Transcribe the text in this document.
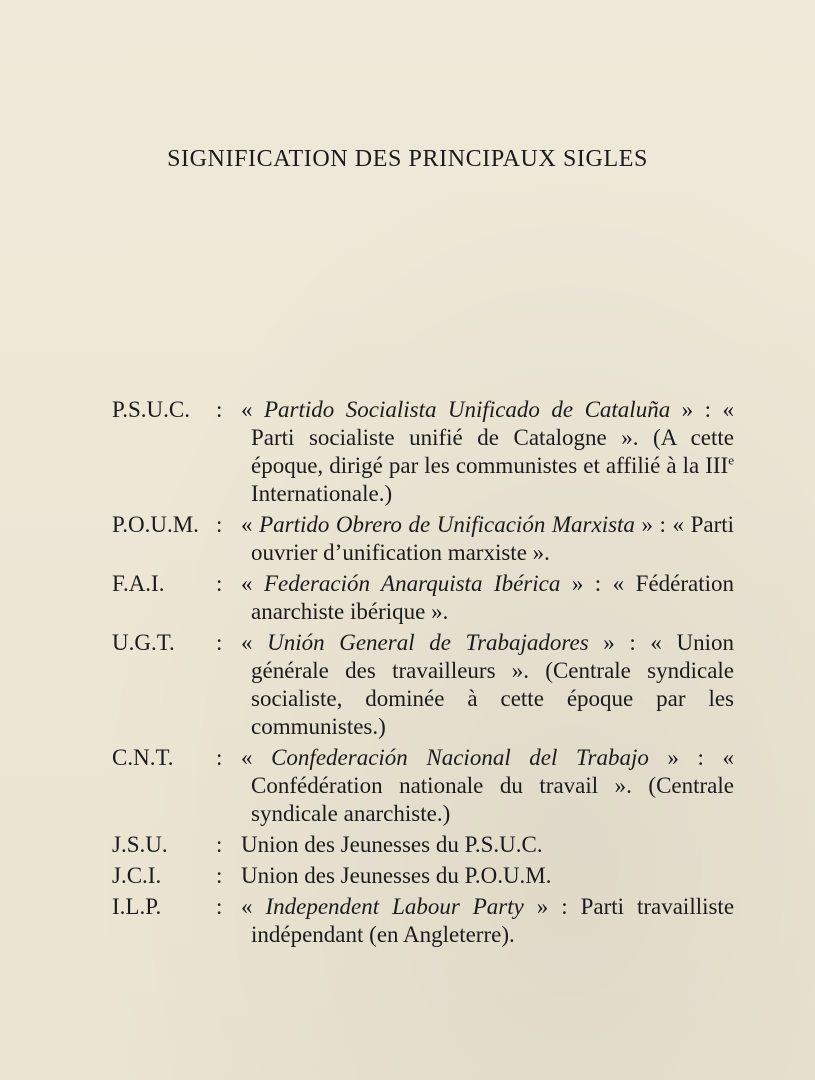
SIGNIFICATION DES PRINCIPAUX SIGLES
P.S.U.C. : « Partido Socialista Unificado de Cataluña » : « Parti socialiste unifié de Catalogne ». (A cette époque, dirigé par les communistes et affilié à la IIIe Internationale.)
P.O.U.M. : « Partido Obrero de Unificación Marxista » : « Parti ouvrier d’unification marxiste ».
F.A.I. : « Federación Anarquista Ibérica » : « Fédération anarchiste ibérique ».
U.G.T. : « Unión General de Trabajadores » : « Union générale des travailleurs ». (Centrale syndicale socialiste, dominée à cette époque par les communistes.)
C.N.T. : « Confederación Nacional del Trabajo » : « Confédération nationale du travail ». (Centrale syndicale anarchiste.)
J.S.U. : Union des Jeunesses du P.S.U.C.
J.C.I. : Union des Jeunesses du P.O.U.M.
I.L.P. : « Independent Labour Party » : Parti travailliste indépendant (en Angleterre).
